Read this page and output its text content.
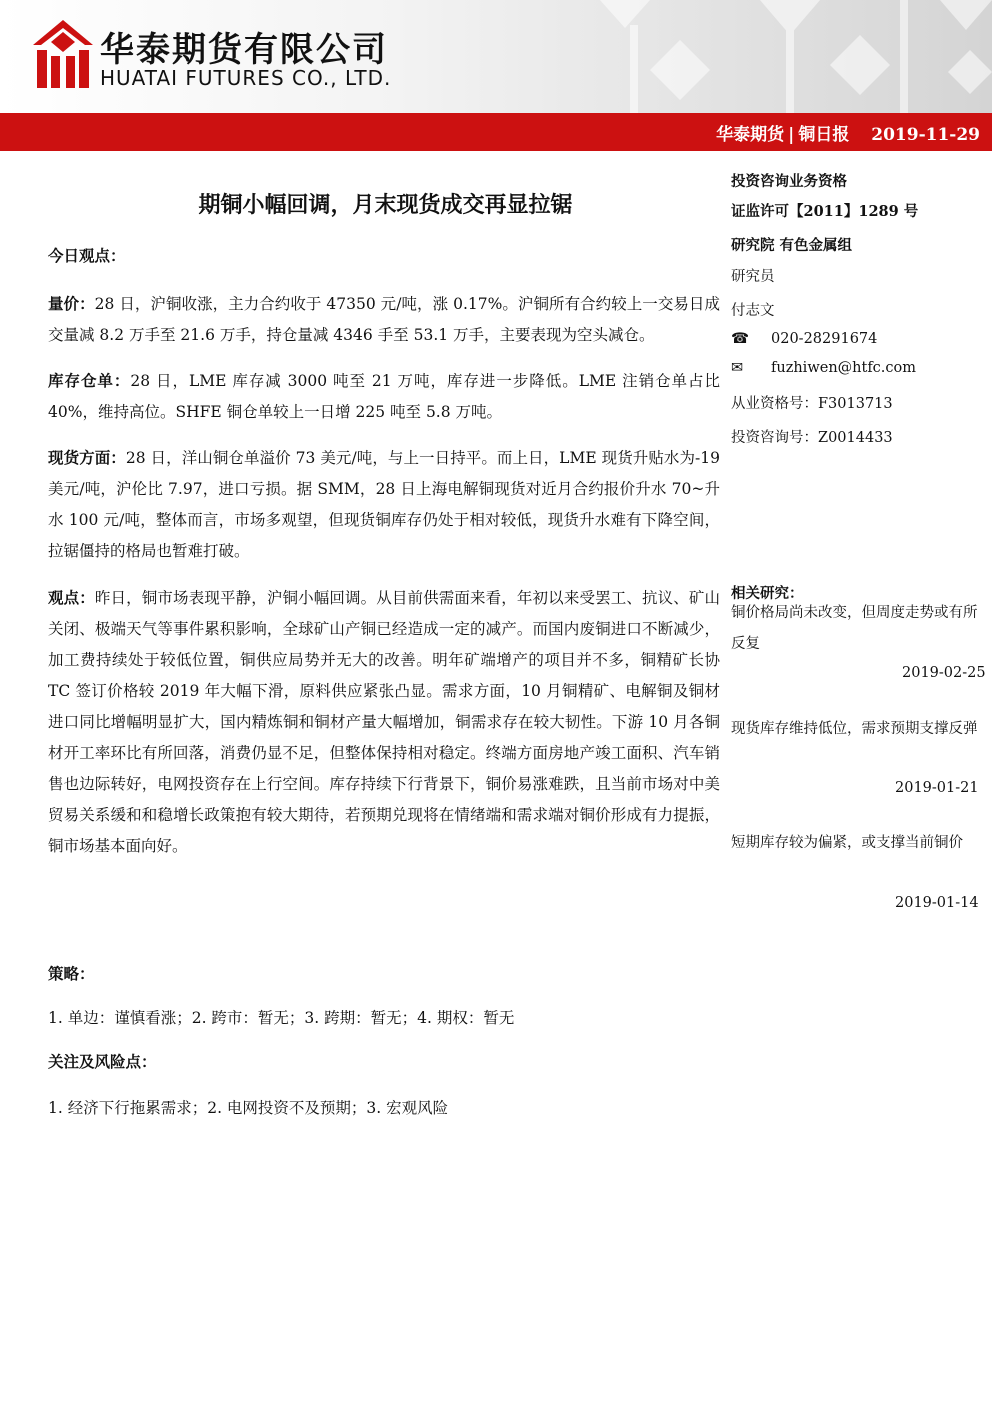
华泰期货有限公司
HUATAI FUTURES CO., LTD.
华泰期货 | 铜日报 2019-11-29
期铜小幅回调，月末现货成交再显拉锯
今日观点：
量价：28 日，沪铜收涨，主力合约收于 47350 元/吨，涨 0.17%。沪铜所有合约较上一交易日成交量减 8.2 万手至 21.6 万手，持仓量减 4346 手至 53.1 万手，主要表现为空头减仓。
库存仓单：28 日，LME 库存减 3000 吨至 21 万吨，库存进一步降低。LME 注销仓单占比 40%，维持高位。SHFE 铜仓单较上一日增 225 吨至 5.8 万吨。
现货方面：28 日，洋山铜仓单溢价 73 美元/吨，与上一日持平。而上日，LME 现货升贴水为-19 美元/吨，沪伦比 7.97，进口亏损。据 SMM，28 日上海电解铜现货对近月合约报价升水 70~升水 100 元/吨，整体而言，市场多观望，但现货铜库存仍处于相对较低，现货升水难有下降空间，拉锯僵持的格局也暂难打破。
观点：昨日，铜市场表现平静，沪铜小幅回调。从目前供需面来看，年初以来受罢工、抗议、矿山关闭、极端天气等事件累积影响，全球矿山产铜已经造成一定的减产。而国内废铜进口不断减少，加工费持续处于较低位置，铜供应局势并无大的改善。明年矿端增产的项目并不多，铜精矿长协 TC 签订价格较 2019 年大幅下滑，原料供应紧张凸显。需求方面，10 月铜精矿、电解铜及铜材进口同比增幅明显扩大，国内精炼铜和铜材产量大幅增加，铜需求存在较大韧性。下游 10 月各铜材开工率环比有所回落，消费仍显不足，但整体保持相对稳定。终端方面房地产竣工面积、汽车销售也边际转好，电网投资存在上行空间。库存持续下行背景下，铜价易涨难跌，且当前市场对中美贸易关系缓和和稳增长政策抱有较大期待，若预期兑现将在情绪端和需求端对铜价形成有力提振，铜市场基本面向好。
策略：
1. 单边：谨慎看涨；2. 跨市：暂无；3. 跨期：暂无；4. 期权：暂无
关注及风险点：
1. 经济下行拖累需求；2. 电网投资不及预期；3. 宏观风险
投资咨询业务资格
证监许可【2011】1289 号
研究院 有色金属组
研究员
付志文
☎ 020-28291674
✉ fuzhiwen@htfc.com
从业资格号：F3013713
投资咨询号：Z0014433
相关研究：
铜价格局尚未改变，但周度走势或有所反复
2019-02-25
现货库存维持低位，需求预期支撑反弹
2019-01-21
短期库存较为偏紧，或支撑当前铜价
2019-01-14
